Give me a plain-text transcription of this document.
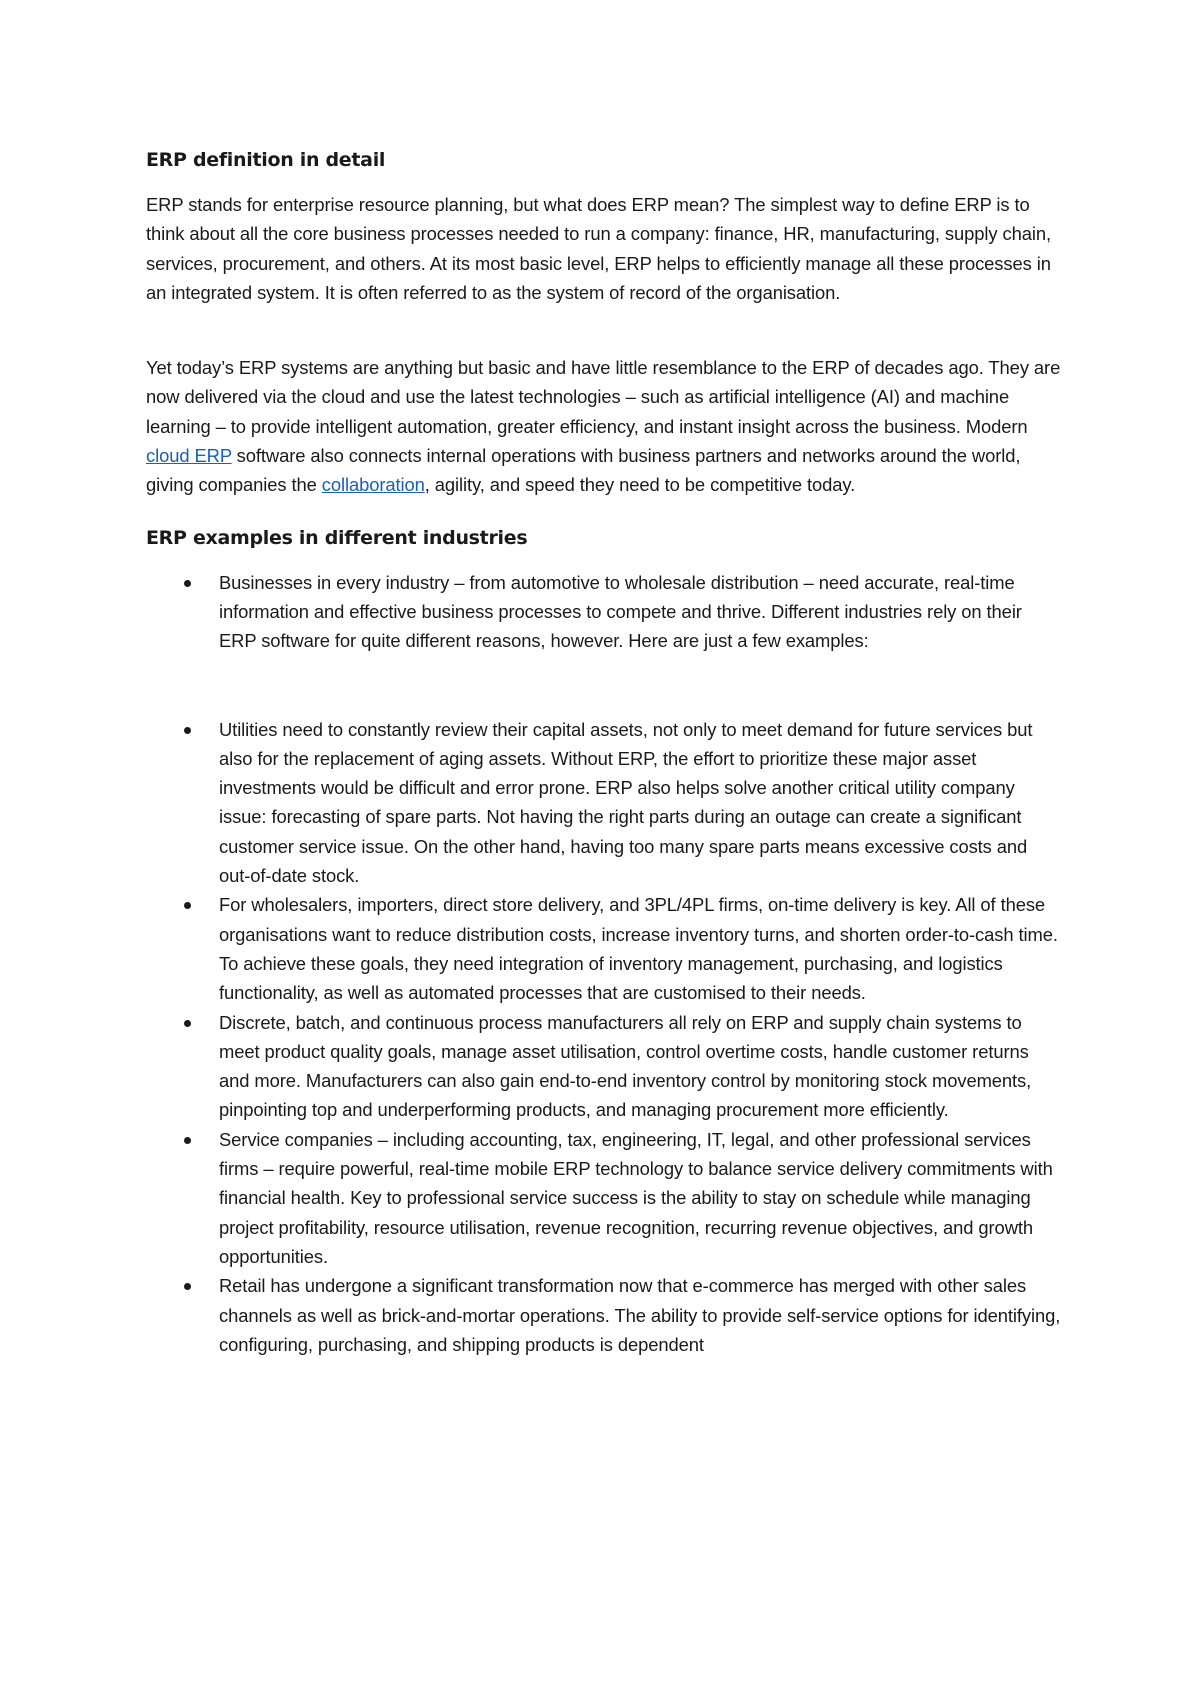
ERP definition in detail

ERP stands for enterprise resource planning, but what does ERP mean? The simplest way to define ERP is to think about all the core business processes needed to run a company: finance, HR, manufacturing, supply chain, services, procurement, and others. At its most basic level, ERP helps to efficiently manage all these processes in an integrated system. It is often referred to as the system of record of the organisation.

Yet today’s ERP systems are anything but basic and have little resemblance to the ERP of decades ago. They are now delivered via the cloud and use the latest technologies – such as artificial intelligence (AI) and machine learning – to provide intelligent automation, greater efficiency, and instant insight across the business. Modern cloud ERP software also connects internal operations with business partners and networks around the world, giving companies the collaboration, agility, and speed they need to be competitive today.

ERP examples in different industries
Businesses in every industry – from automotive to wholesale distribution – need accurate, real-time information and effective business processes to compete and thrive. Different industries rely on their ERP software for quite different reasons, however. Here are just a few examples:
Utilities need to constantly review their capital assets, not only to meet demand for future services but also for the replacement of aging assets. Without ERP, the effort to prioritize these major asset investments would be difficult and error prone. ERP also helps solve another critical utility company issue: forecasting of spare parts. Not having the right parts during an outage can create a significant customer service issue. On the other hand, having too many spare parts means excessive costs and out-of-date stock.
For wholesalers, importers, direct store delivery, and 3PL/4PL firms, on-time delivery is key. All of these organisations want to reduce distribution costs, increase inventory turns, and shorten order-to-cash time. To achieve these goals, they need integration of inventory management, purchasing, and logistics functionality, as well as automated processes that are customised to their needs.
Discrete, batch, and continuous process manufacturers all rely on ERP and supply chain systems to meet product quality goals, manage asset utilisation, control overtime costs, handle customer returns and more. Manufacturers can also gain end-to-end inventory control by monitoring stock movements, pinpointing top and underperforming products, and managing procurement more efficiently.
Service companies – including accounting, tax, engineering, IT, legal, and other professional services firms – require powerful, real-time mobile ERP technology to balance service delivery commitments with financial health. Key to professional service success is the ability to stay on schedule while managing project profitability, resource utilisation, revenue recognition, recurring revenue objectives, and growth opportunities.
Retail has undergone a significant transformation now that e-commerce has merged with other sales channels as well as brick-and-mortar operations. The ability to provide self-service options for identifying, configuring, purchasing, and shipping products is dependent
